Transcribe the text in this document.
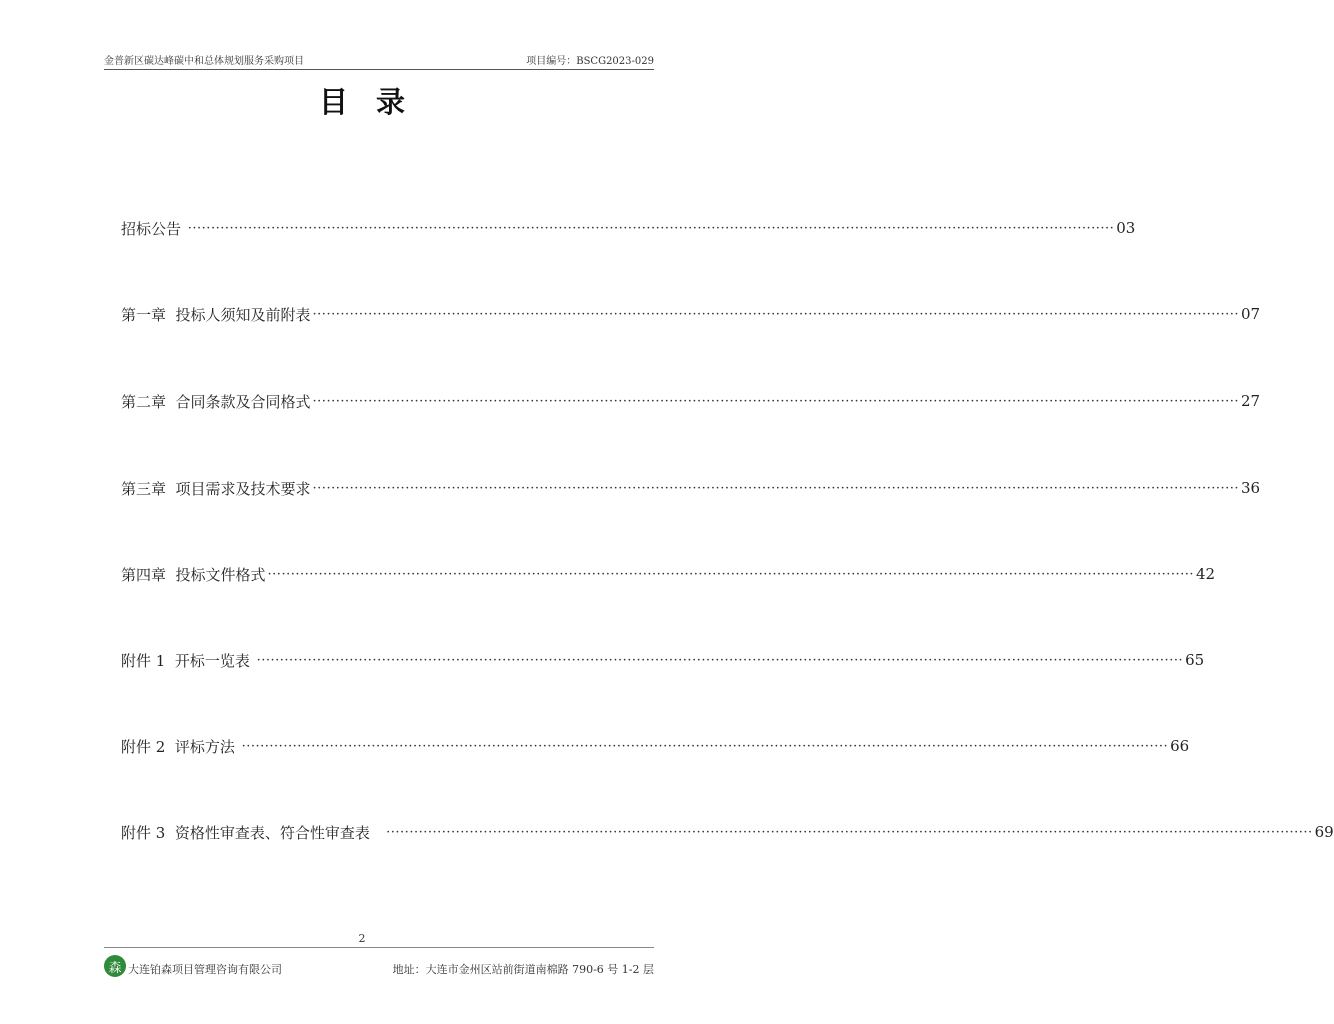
金普新区碳达峰碳中和总体规划服务采购项目	项目编号：BSCG2023-029
目录
招标公告 ········································································································································································································ 03
第一章  投标人须知及前附表 ········································································································································································································ 07
第二章  合同条款及合同格式 ········································································································································································································ 27
第三章  项目需求及技术要求 ········································································································································································································ 36
第四章  投标文件格式 ········································································································································································································ 42
附件 1  开标一览表 ········································································································································································································ 65
附件 2  评标方法 ········································································································································································································ 66
附件 3  资格性审查表、符合性审查表 ········································································································································································································ 69
2
森 大连铂森项目管理咨询有限公司	地址：大连市金州区站前街道南棉路 790-6 号 1-2 层
